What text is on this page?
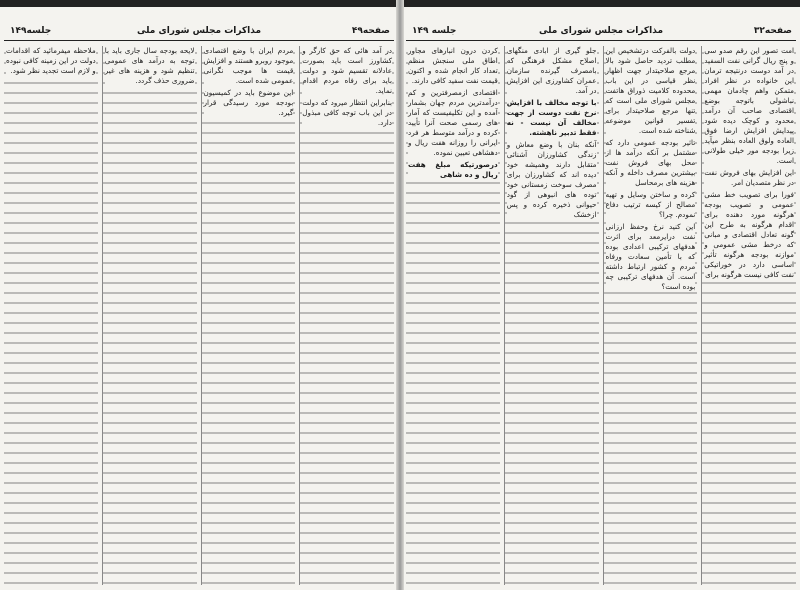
صفحه۴۹
مذاکرات مجلس شورای ملی
جلسه۱۴۹

در آمد هائی که حق کارگر و کشاورز است باید بصورت عادلانه تقسیم شود و دولت باید برای رفاه مردم اقدام نماید.

بنابراین انتظار میرود که دولت در این باب توجه کافی مبذول دارد.

مردم ایران با وضع اقتصادی موجود روبرو هستند و افزایش قیمت ها موجب نگرانی عمومی شده است.

این موضوع باید در کمیسیون بودجه مورد رسیدگی قرار گیرد.

لایحه بودجه سال جاری باید با توجه به درآمد های عمومی تنظیم شود و هزینه های غیر ضروری حذف گردد.

ملاحظه میفرمائید که اقدامات دولت در این زمینه کافی نبوده و لازم است تجدید نظر شود.

صفحه۳۲
مذاکرات مجلس شورای ملی
جلسه ۱۴۹

امت تصور این رقم صدو سی و پنج ریال گرانی نفت السفید در آمد دوست درنتیجه ترمان این خانواده در نظر افراد متمکن واهم چادمان مهمی نباشولی باتوجه بوضع اقتصادی صاحب آن درآمد محدود و کوچک دیده شود پیدایش افزایش ارضا فوق العاده ولوق العاده بنظر میآید زیرا بودجه مور خیلی طولانی است.

این افزایش بهای فروش نفت در نظر متصدیان امر.

فورا برای تصویب خط مشی عمومی و تصویب بودجه هرگونه مورد دهنده برای اقدام هرگونه به طرح این گونه تعادل اقتصادی و مبانی که درخط مشی عمومی و موازنه بودجه هرگونه تأثیر اساسی دارد در خوراتیکی نفت کافی نیست هرگونه برای

دولت بالفرکت درتشخیص این مطلب ترديد حاصل شود بالا مرجع صلاحیتدار جهت اظهار نظر قیاسی در این باب محدوده کلامیت ذوراق هاتفت مجلس شورای ملی است که تنها مرجع صلاحیتدار برای تفسیر قوانین موضوعه شناخته شده است.

تاثیر بودجه عمومی دارد که مشتمل بر آنکه درآمد ها از محل بهای فروش نفت بیشترین مصرف داخله و آنکه هزینه های برمحاسل

کرده و ساختن وسایل و تهیه مصالح از کیسه ترتیب دفاع نمودم. چرا؟

این کنید نرخ وحفظ ارزانی نفت درایرمعد برای اثرت هدفهای ترکیبی اعدادی بوده که با تأمین سعادت ورفاه مردم و کشور ارتباط داشته است. آن هدفهای ترکیبی چه بوده است؟

جلو گیری از ابادی منگهای اصلاح مشکل فرهنگی که بامصرف گیرنده سازمان عمران کشاورزی این افزایش در آمد.

با توجه مخالف با افزایش نرخ نفت دوست از جهت مخالف آن نیست - نه فقط تدبیر ناهشته.

آنکه بنان با وضع معاش و زندگی کشاورزان آشنائی متقابل دارند وهمیشه خود دیده اند که کشاورزان برای مصرف سوخت زمستانی خود توده های انبوهی از گود حیوانی ذخیره کرده و پس ازخشک

کردن درون انبارهای مجاور اطاق ملی سنجش منظم تعداد کار انجام شده و اکنون قیمت نفت سفید کافی دارند.

اقتصادی ازمصرفترین و کم درآمدترین مردم جهان بشمار آمده و این تکلیفیست که آمار های رسمی صحت آنرا تأیید کرده و درآمد متوسط هر فرد ایرانی را روزانه هفت ریال و دهشاهی تعیین نموده.

درصورتیکه مبلغ هفت ریال و ده شاهی
